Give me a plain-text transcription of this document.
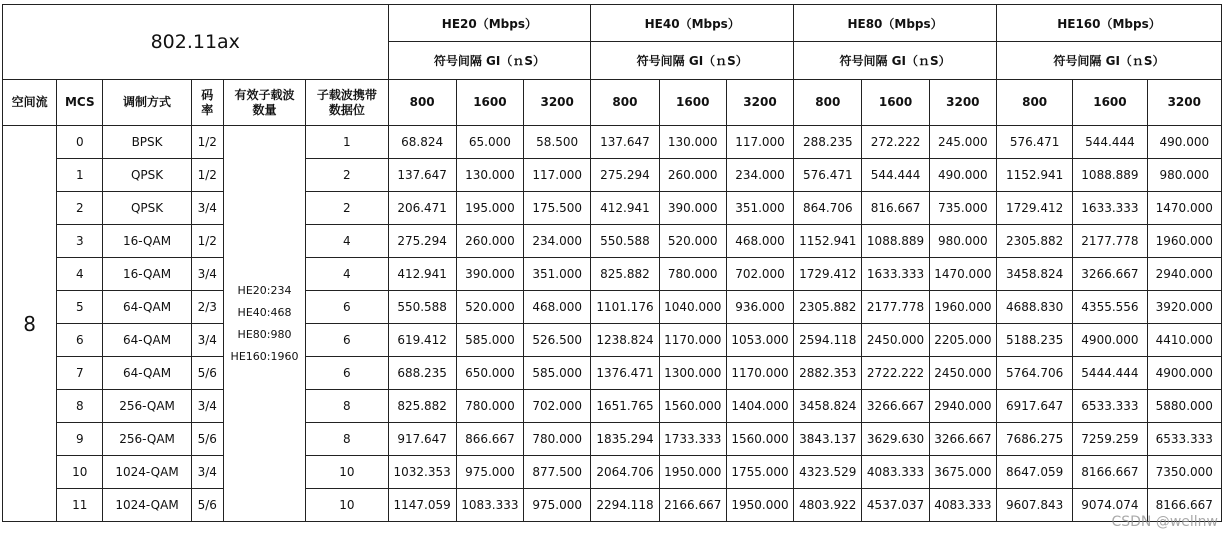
802.11ax						HE20（Mbps）			HE40（Mbps）			HE80（Mbps）			HE160（Mbps）		
						符号间隔 GI（ｎS）			符号间隔 GI（ｎS）			符号间隔 GI（ｎS）			符号间隔 GI（ｎS）		
空间流	MCS	调制方式	码率	有效子载波数量	子载波携带数据位	800	1600	3200	800	1600	3200	800	1600	3200	800	1600	3200
8	0	BPSK	1/2	HE20:234
HE40:468
HE80:980
HE160:1960	1	68.824	65.000	58.500	137.647	130.000	117.000	288.235	272.222	245.000	576.471	544.444	490.000
	1	QPSK	1/2		2	137.647	130.000	117.000	275.294	260.000	234.000	576.471	544.444	490.000	1152.941	1088.889	980.000
	2	QPSK	3/4		2	206.471	195.000	175.500	412.941	390.000	351.000	864.706	816.667	735.000	1729.412	1633.333	1470.000
	3	16-QAM	1/2		4	275.294	260.000	234.000	550.588	520.000	468.000	1152.941	1088.889	980.000	2305.882	2177.778	1960.000
	4	16-QAM	3/4		4	412.941	390.000	351.000	825.882	780.000	702.000	1729.412	1633.333	1470.000	3458.824	3266.667	2940.000
	5	64-QAM	2/3		6	550.588	520.000	468.000	1101.176	1040.000	936.000	2305.882	2177.778	1960.000	4688.830	4355.556	3920.000
	6	64-QAM	3/4		6	619.412	585.000	526.500	1238.824	1170.000	1053.000	2594.118	2450.000	2205.000	5188.235	4900.000	4410.000
	7	64-QAM	5/6		6	688.235	650.000	585.000	1376.471	1300.000	1170.000	2882.353	2722.222	2450.000	5764.706	5444.444	4900.000
	8	256-QAM	3/4		8	825.882	780.000	702.000	1651.765	1560.000	1404.000	3458.824	3266.667	2940.000	6917.647	6533.333	5880.000
	9	256-QAM	5/6		8	917.647	866.667	780.000	1835.294	1733.333	1560.000	3843.137	3629.630	3266.667	7686.275	7259.259	6533.333
	10	1024-QAM	3/4		10	1032.353	975.000	877.500	2064.706	1950.000	1755.000	4323.529	4083.333	3675.000	8647.059	8166.667	7350.000
	11	1024-QAM	5/6		10	1147.059	1083.333	975.000	2294.118	2166.667	1950.000	4803.922	4537.037	4083.333	9607.843	9074.074	8166.667
CSDN @wellnw
